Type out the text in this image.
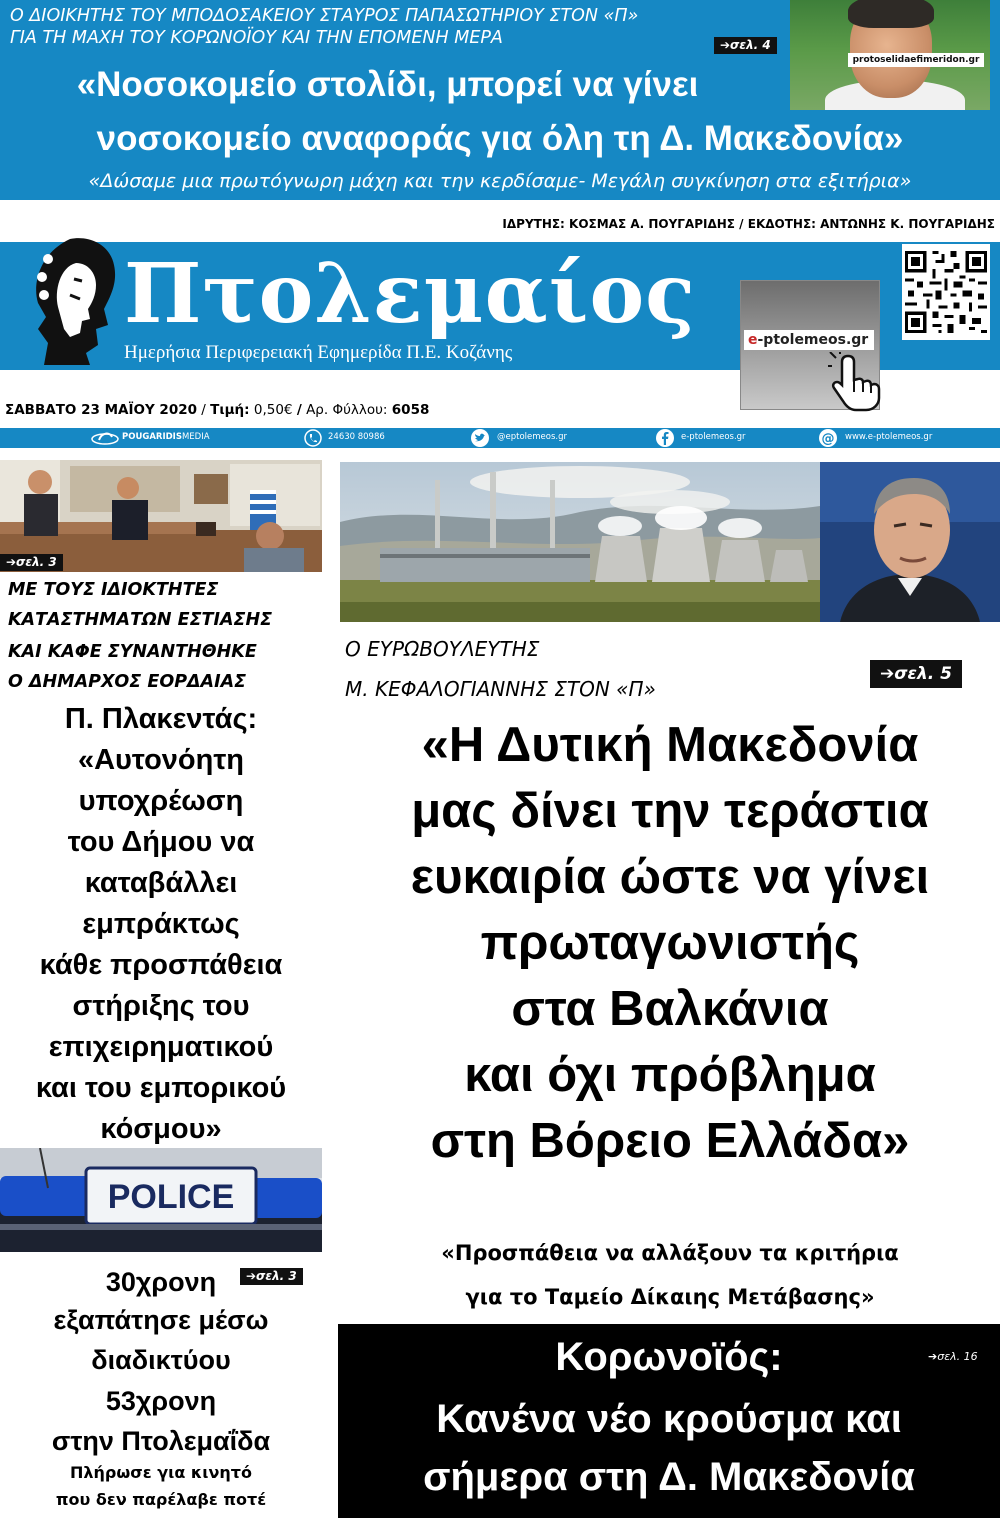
Ο ΔΙΟΙΚΗΤΗΣ ΤΟΥ ΜΠΟΔΟΣΑΚΕΙΟΥ ΣΤΑΥΡΟΣ ΠΑΠΑΣΩΤΗΡΙΟΥ ΣΤΟΝ «Π»
ΓΙΑ ΤΗ ΜΑΧΗ ΤΟΥ ΚΟΡΩΝΟΪΟΥ ΚΑΙ ΤΗΝ ΕΠΟΜΕΝΗ ΜΕΡΑ	➔σελ. 4
«Νοσοκομείο στολίδι, μπορεί να γίνει
νοσοκομείο αναφοράς για όλη τη Δ. Μακεδονία»
«Δώσαμε μια πρωτόγνωρη μάχη και την κερδίσαμε- Μεγάλη συγκίνηση στα εξιτήρια»
protoselidaefimeridon.gr
ΙΔΡΥΤΗΣ: ΚΟΣΜΑΣ Α. ΠΟΥΓΑΡΙΔΗΣ / ΕΚΔΟΤΗΣ: ΑΝΤΩΝΗΣ Κ. ΠΟΥΓΑΡΙΔΗΣ
Πτολεμαίος
Ημερήσια Περιφερειακή Εφημερίδα Π.Ε. Κοζάνης
e-ptolemeos.gr
ΣΑΒΒΑΤΟ 23 ΜΑΪΟΥ 2020 / Τιμή: 0,50€ / Αρ. Φύλλου: 6058
POUGARIDISMEDIA	24630 80986	@eptolemeos.gr	e-ptolemeos.gr	@ www.e-ptolemeos.gr
➔σελ. 3
ΜΕ ΤΟΥΣ ΙΔΙΟΚΤΗΤΕΣ
ΚΑΤΑΣΤΗΜΑΤΩΝ ΕΣΤΙΑΣΗΣ
ΚΑΙ ΚΑΦΕ ΣΥΝΑΝΤΗΘΗΚΕ
Ο ΔΗΜΑΡΧΟΣ ΕΟΡΔΑΙΑΣ
Π. Πλακεντάς:
«Αυτονόητη
υποχρέωση
του Δήμου να
καταβάλλει
εμπράκτως
κάθε προσπάθεια
στήριξης του
επιχειρηματικού
και του εμπορικού
κόσμου»
POLICE
30χρονη	➔σελ. 3
εξαπάτησε μέσω
διαδικτύου
53χρονη
στην Πτολεμαΐδα
Πλήρωσε για κινητό
που δεν παρέλαβε ποτέ
Ο ΕΥΡΩΒΟΥΛΕΥΤΗΣ
Μ. ΚΕΦΑΛΟΓΙΑΝΝΗΣ ΣΤΟΝ «Π»
➔σελ. 5
«Η Δυτική Μακεδονία
μας δίνει την τεράστια
ευκαιρία ώστε να γίνει
πρωταγωνιστής
στα Βαλκάνια
και όχι πρόβλημα
στη Βόρειο Ελλάδα»
«Προσπάθεια να αλλάξουν τα κριτήρια
για το Ταμείο Δίκαιης Μετάβασης»
➔σελ. 16
Κορωνοϊός:
Κανένα νέο κρούσμα και
σήμερα στη Δ. Μακεδονία
